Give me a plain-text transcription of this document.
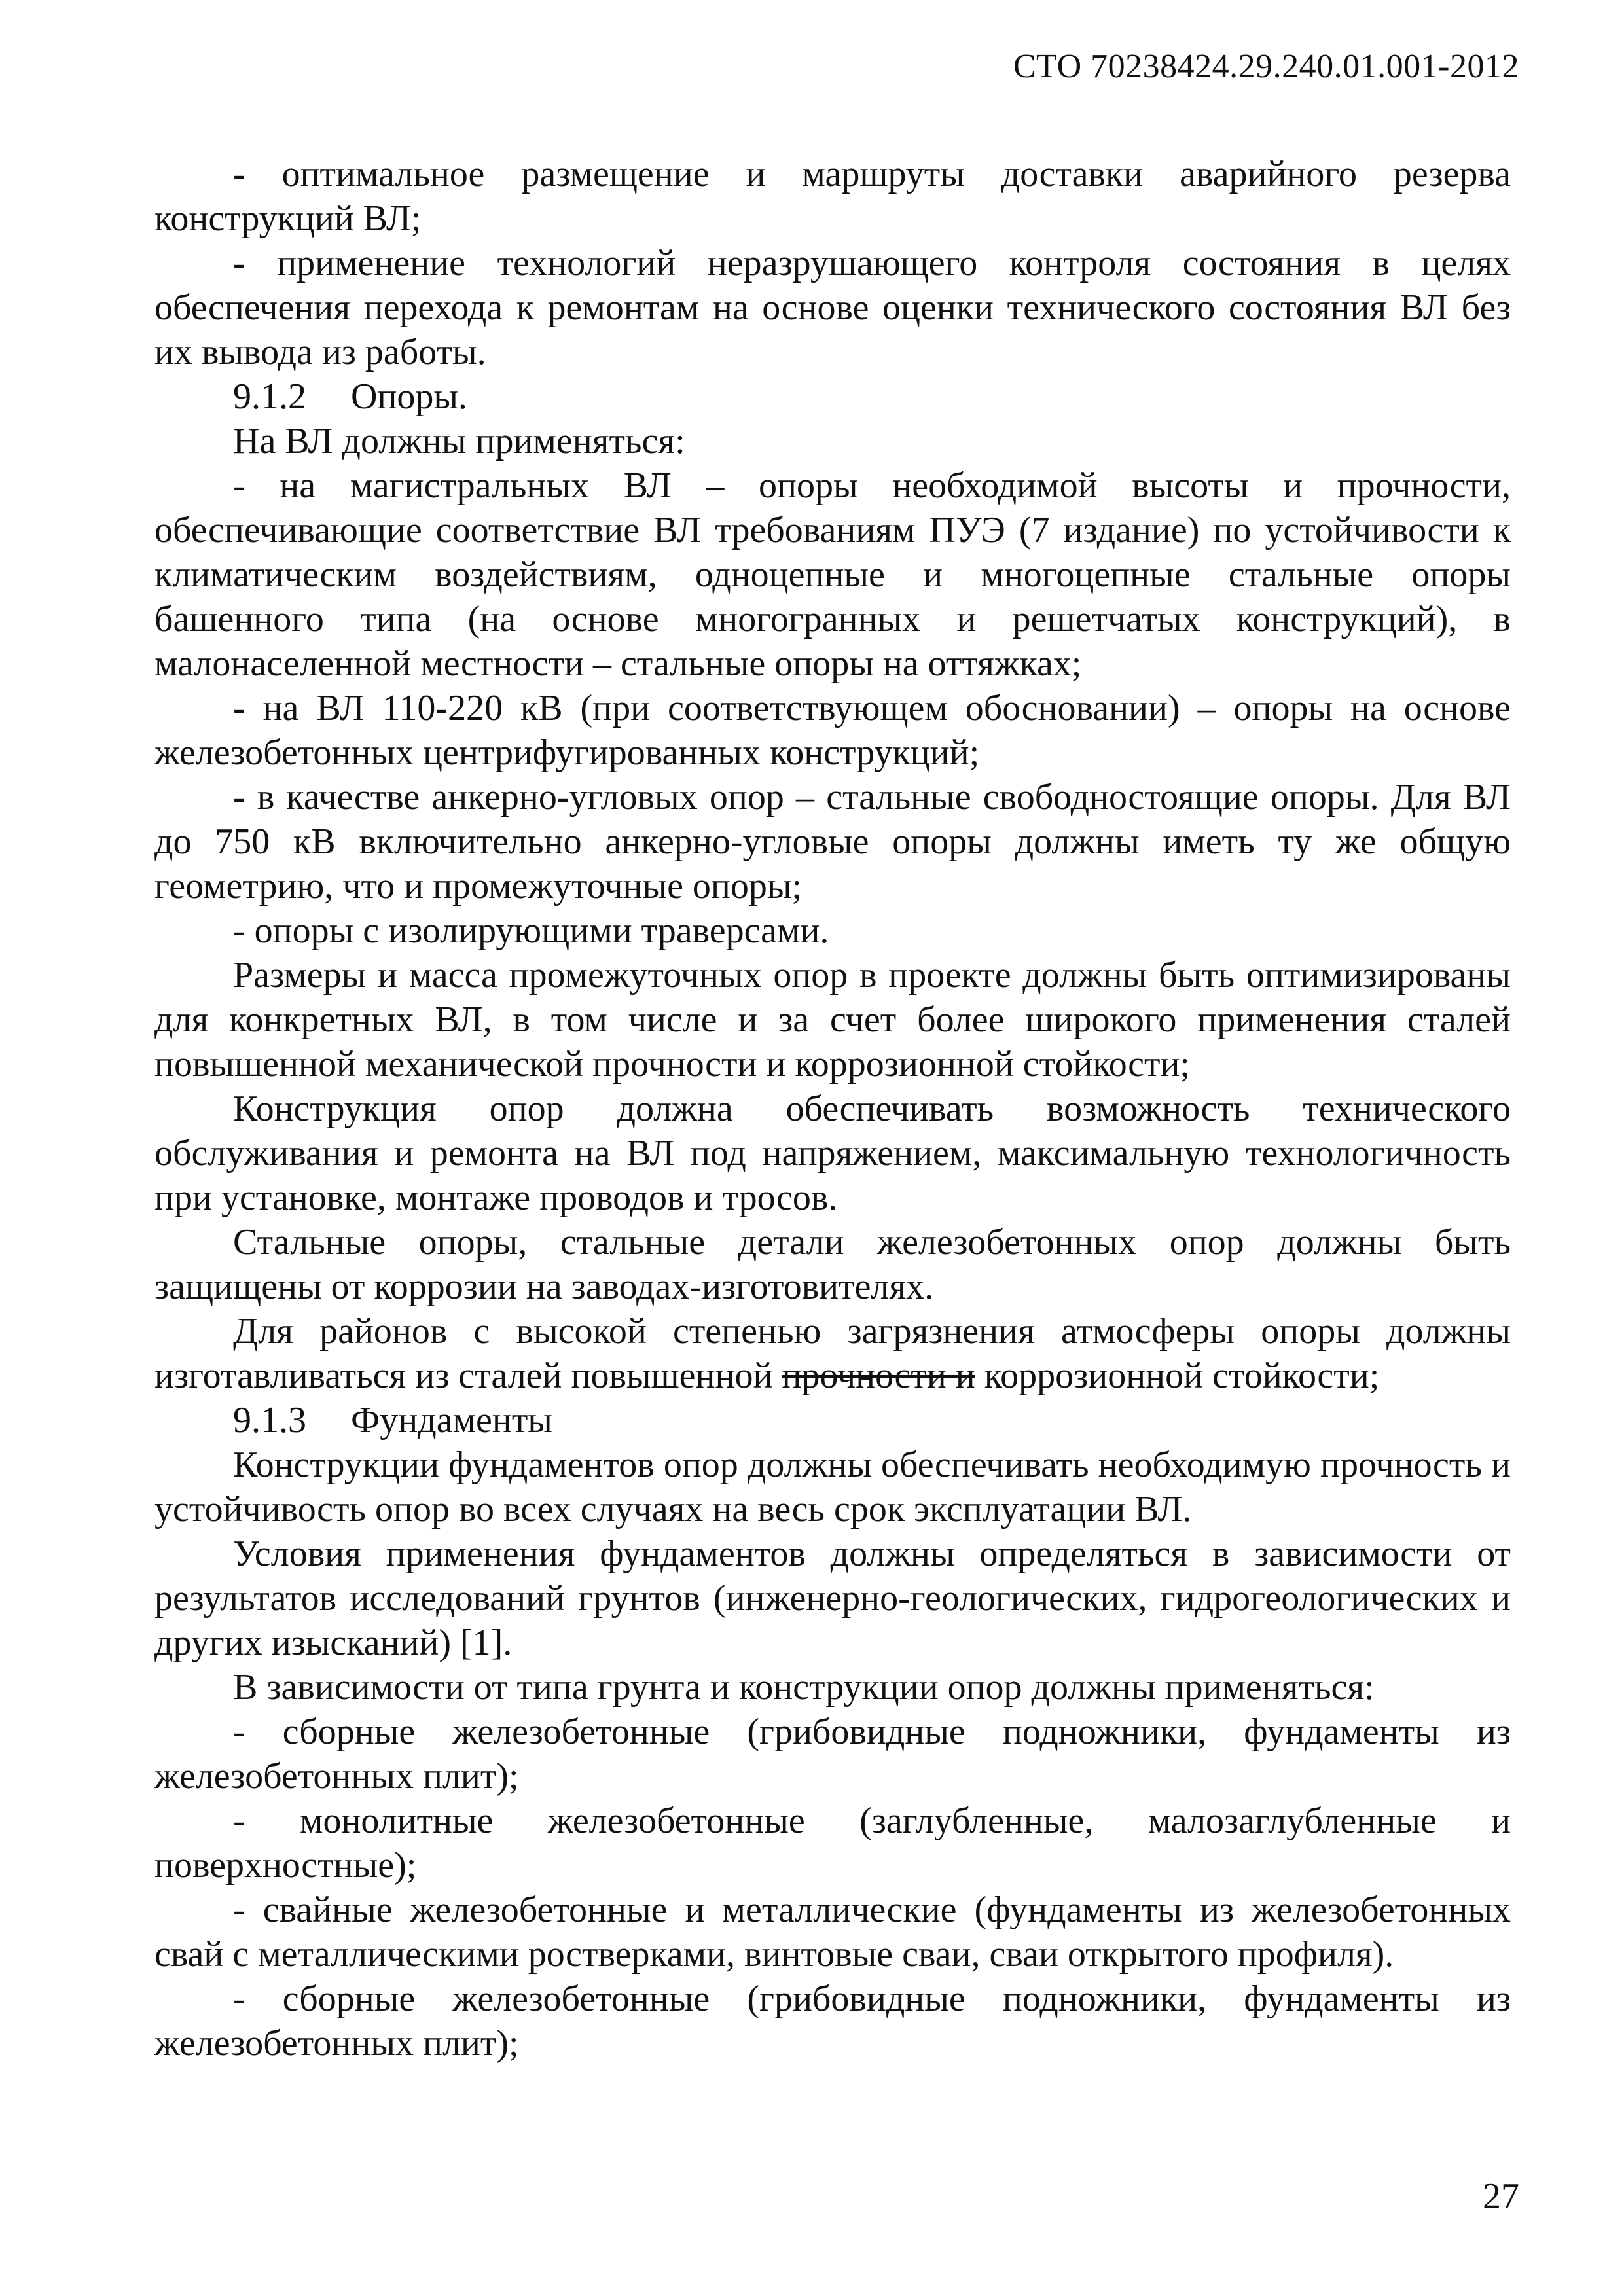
СТО 70238424.29.240.01.001-2012
- оптимальное размещение и маршруты доставки аварийного резерва конструкций ВЛ;
- применение технологий неразрушающего контроля состояния в целях обеспечения перехода к ремонтам на основе оценки технического состояния ВЛ без их вывода из работы.
9.1.2 Опоры.
На ВЛ должны применяться:
- на магистральных ВЛ – опоры необходимой высоты и прочности, обеспечивающие соответствие ВЛ требованиям ПУЭ (7 издание) по устойчивости к климатическим воздействиям, одноцепные и многоцепные стальные опоры башенного типа (на основе многогранных и решетчатых конструкций), в малонаселенной местности – стальные опоры на оттяжках;
- на ВЛ 110-220 кВ (при соответствующем обосновании) – опоры на основе железобетонных центрифугированных конструкций;
- в качестве анкерно-угловых опор – стальные свободностоящие опоры. Для ВЛ до 750 кВ включительно анкерно-угловые опоры должны иметь ту же общую геометрию, что и промежуточные опоры;
- опоры с изолирующими траверсами.
Размеры и масса промежуточных опор в проекте должны быть оптимизированы для конкретных ВЛ, в том числе и за счет более широкого применения сталей повышенной механической прочности и коррозионной стойкости;
Конструкция опор должна обеспечивать возможность технического обслуживания и ремонта на ВЛ под напряжением, максимальную технологичность при установке, монтаже проводов и тросов.
Стальные опоры, стальные детали железобетонных опор должны быть защищены от коррозии на заводах-изготовителях.
Для районов с высокой степенью загрязнения атмосферы опоры должны изготавливаться из сталей повышенной прочности и коррозионной стойкости;
9.1.3 Фундаменты
Конструкции фундаментов опор должны обеспечивать необходимую прочность и устойчивость опор во всех случаях на весь срок эксплуатации ВЛ.
Условия применения фундаментов должны определяться в зависимости от результатов исследований грунтов (инженерно-геологических, гидрогеологических и других изысканий) [1].
В зависимости от типа грунта и конструкции опор должны применяться:
- сборные железобетонные (грибовидные подножники, фундаменты из железобетонных плит);
- монолитные железобетонные (заглубленные, малозаглубленные и поверхностные);
- свайные железобетонные и металлические (фундаменты из железобетонных свай с металлическими ростверками, винтовые сваи, сваи открытого профиля).
- сборные железобетонные (грибовидные подножники, фундаменты из железобетонных плит);
27
